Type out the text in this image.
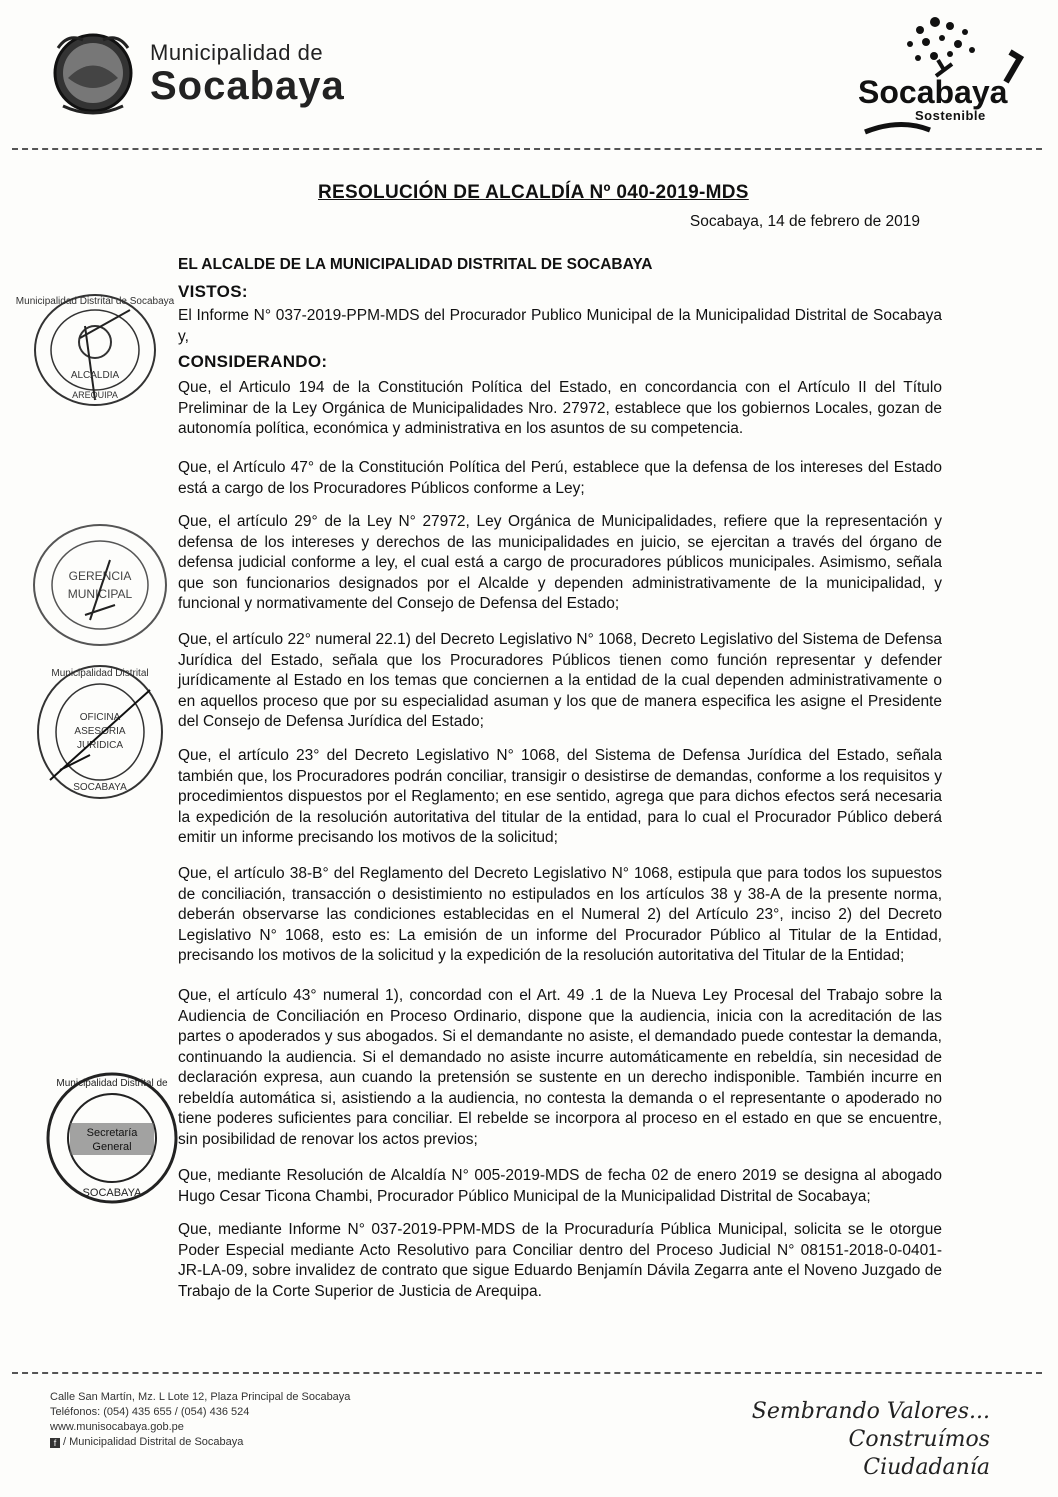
Municipalidad de
Socabaya	Socabaya
Sostenible
RESOLUCIÓN DE ALCALDÍA Nº 040-2019-MDS
Socabaya, 14 de febrero de 2019
EL ALCALDE DE LA MUNICIPALIDAD DISTRITAL DE SOCABAYA
VISTOS:
El Informe N° 037-2019-PPM-MDS del Procurador Publico Municipal de la Municipalidad Distrital de Socabaya y,
CONSIDERANDO:
Que, el Articulo 194 de la Constitución Política del Estado, en concordancia con el Artículo II del Título Preliminar de la Ley Orgánica de Municipalidades Nro. 27972, establece que los gobiernos Locales, gozan de autonomía política, económica y administrativa en los asuntos de su competencia.
Que, el Artículo 47° de la Constitución Política del Perú, establece que la defensa de los intereses del Estado está a cargo de los Procuradores Públicos conforme a Ley;
Que, el artículo 29° de la Ley N° 27972, Ley Orgánica de Municipalidades, refiere que la representación y defensa de los intereses y derechos de las municipalidades en juicio, se ejercitan a través del órgano de defensa judicial conforme a ley, el cual está a cargo de procuradores públicos municipales. Asimismo, señala que son funcionarios designados por el Alcalde y dependen administrativamente de la municipalidad, y funcional y normativamente del Consejo de Defensa del Estado;
Que, el artículo 22° numeral 22.1) del Decreto Legislativo N° 1068, Decreto Legislativo del Sistema de Defensa Jurídica del Estado, señala que los Procuradores Públicos tienen como función representar y defender jurídicamente al Estado en los temas que conciernen a la entidad de la cual dependen administrativamente o en aquellos proceso que por su especialidad asuman y los que de manera especifica les asigne el Presidente del Consejo de Defensa Jurídica del Estado;
Que, el artículo 23° del Decreto Legislativo N° 1068, del Sistema de Defensa Jurídica del Estado, señala también que, los Procuradores podrán conciliar, transigir o desistirse de demandas, conforme a los requisitos y procedimientos dispuestos por el Reglamento; en ese sentido, agrega que para dichos efectos será necesaria la expedición de la resolución autoritativa del titular de la entidad, para lo cual el Procurador Público deberá emitir un informe precisando los motivos de la solicitud;
Que, el artículo 38-B° del Reglamento del Decreto Legislativo N° 1068, estipula que para todos los supuestos de conciliación, transacción o desistimiento no estipulados en los artículos 38 y 38-A de la presente norma, deberán observarse las condiciones establecidas en el Numeral 2) del Artículo 23°, inciso 2) del Decreto Legislativo N° 1068, esto es: La emisión de un informe del Procurador Público al Titular de la Entidad, precisando los motivos de la solicitud y la expedición de la resolución autoritativa del Titular de la Entidad;
Que, el artículo 43° numeral 1), concordad con el Art. 49 .1 de la Nueva Ley Procesal del Trabajo sobre la Audiencia de Conciliación en Proceso Ordinario, dispone que la audiencia, inicia con la acreditación de las partes o apoderados y sus abogados. Si el demandante no asiste, el demandado puede contestar la demanda, continuando la audiencia. Si el demandado no asiste incurre automáticamente en rebeldía, sin necesidad de declaración expresa, aun cuando la pretensión se sustente en un derecho indisponible. También incurre en rebeldía automática si, asistiendo a la audiencia, no contesta la demanda o el representante o apoderado no tiene poderes suficientes para conciliar. El rebelde se incorpora al proceso en el estado en que se encuentre, sin posibilidad de renovar los actos previos;
Que, mediante Resolución de Alcaldía N° 005-2019-MDS de fecha 02 de enero 2019 se designa al abogado Hugo Cesar Ticona Chambi, Procurador Público Municipal de la Municipalidad Distrital de Socabaya;
Que, mediante Informe N° 037-2019-PPM-MDS de la Procuraduría Pública Municipal, solicita se le otorgue Poder Especial mediante Acto Resolutivo para Conciliar dentro del Proceso Judicial N° 08151-2018-0-0401-JR-LA-09, sobre invalidez de contrato que sigue Eduardo Benjamín Dávila Zegarra ante el Noveno Juzgado de Trabajo de la Corte Superior de Justicia de Arequipa.
Municipalidad Distrital de Socabaya
ALCALDIA
AREQUIPA
GERENCIA
MUNICIPAL
Municipalidad Distrital
OFICINA
ASESORIA
JURIDICA
SOCABAYA
Municipalidad Distrital de
Secretaría
General
SOCABAYA
Calle San Martín, Mz. L Lote 12, Plaza Principal de Socabaya
Teléfonos: (054) 435 655 / (054) 436 524
www.munisocabaya.gob.pe
f / Municipalidad Distrital de Socabaya
Sembrando Valores...
Construímos Ciudadanía
